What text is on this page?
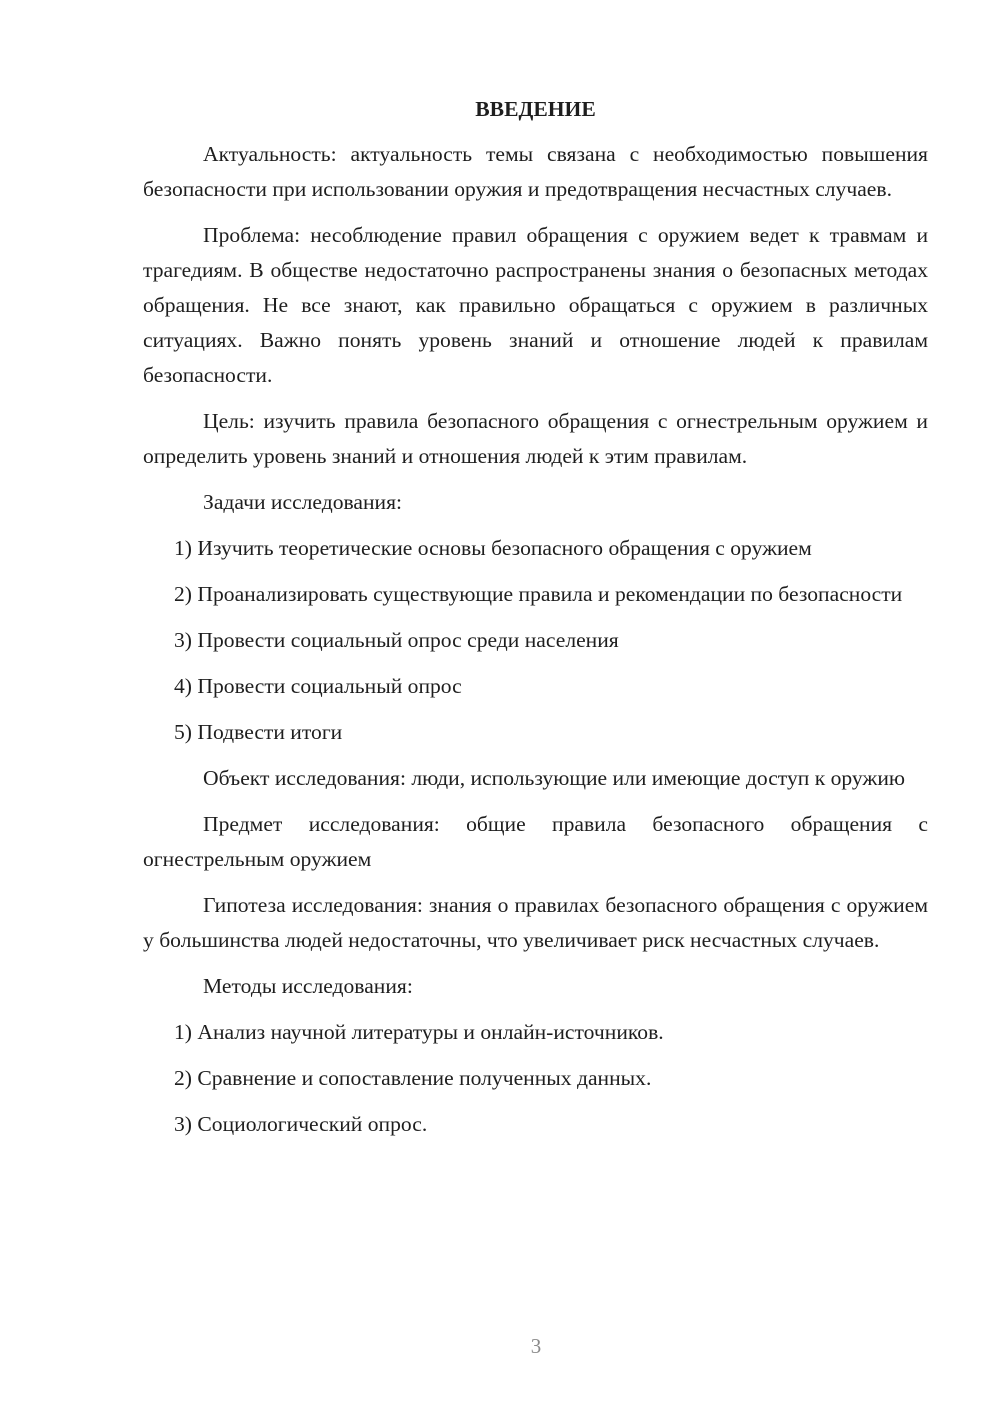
ВВЕДЕНИЕ

Актуальность: актуальность темы связана с необходимостью повышения безопасности при использовании оружия и предотвращения несчастных случаев.

Проблема: несоблюдение правил обращения с оружием ведет к травмам и трагедиям. В обществе недостаточно распространены знания о безопасных методах обращения. Не все знают, как правильно обращаться с оружием в различных ситуациях. Важно понять уровень знаний и отношение людей к правилам безопасности.

Цель: изучить правила безопасного обращения с огнестрельным оружием и определить уровень знаний и отношения людей к этим правилам.

Задачи исследования:

1) Изучить теоретические основы безопасного обращения с оружием

2) Проанализировать существующие правила и рекомендации по безопасности

3) Провести социальный опрос среди населения

4) Провести социальный опрос

5) Подвести итоги

Объект исследования: люди, использующие или имеющие доступ к оружию

Предмет исследования: общие правила безопасного обращения с огнестрельным оружием

Гипотеза исследования: знания о правилах безопасного обращения с оружием у большинства людей недостаточны, что увеличивает риск несчастных случаев.

Методы исследования:

1) Анализ научной литературы и онлайн-источников.

2) Сравнение и сопоставление полученных данных.

3) Социологический опрос.

3
